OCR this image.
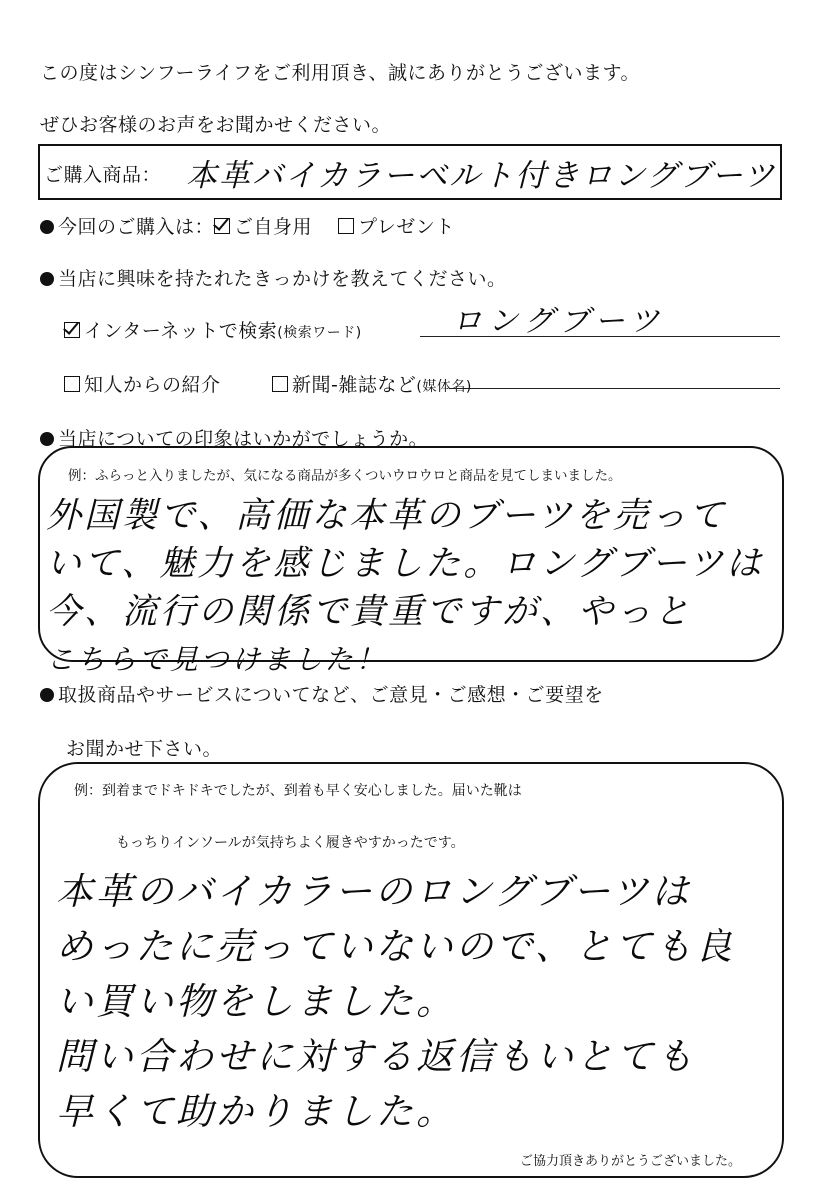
この度はシンフーライフをご利用頂き、誠にありがとうございます。
ぜひお客様のお声をお聞かせください。
ご購入商品： 本革バイカラーベルト付きロングブーツ
今回のご購入は： ご自身用 プレゼント
当店に興味を持たれたきっかけを教えてください。
インターネットで検索(検索ワード)	ロングブーツ
知人からの紹介	新聞‐雑誌など(媒体名)
当店についての印象はいかがでしょうか。
例：ふらっと入りましたが、気になる商品が多くついウロウロと商品を見てしまいました。
外国製で、高価な本革のブーツを売って
いて、魅力を感じました。ロングブーツは
今、流行の関係で貴重ですが、やっと
こちらで見つけました！
取扱商品やサービスについてなど、ご意見・ご感想・ご要望を
お聞かせ下さい。
例：到着までドキドキでしたが、到着も早く安心しました。届いた靴は
もっちりインソールが気持ちよく履きやすかったです。
本革のバイカラーのロングブーツは
めったに売っていないので、とても良
い買い物をしました。
問い合わせに対する返信もいとても
早くて助かりました。
ご協力頂きありがとうございました。
